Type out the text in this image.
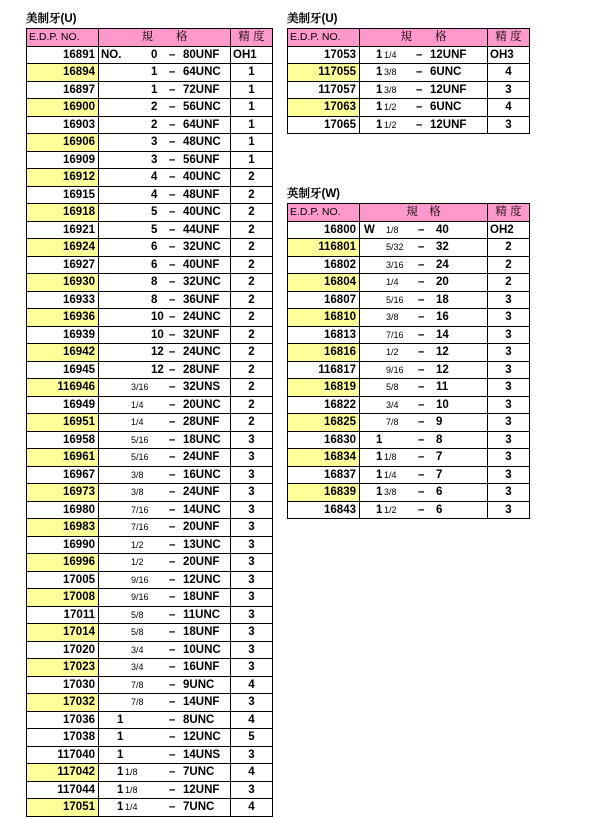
美制牙(U)
E.D.P. NO.	規　　格	精 度
16891	NO. 0 – 80UNF	OH1
16894	1 – 64UNC	1
16897	1 – 72UNF	1
16900	2 – 56UNC	1
16903	2 – 64UNF	1
16906	3 – 48UNC	1
16909	3 – 56UNF	1
16912	4 – 40UNC	2
16915	4 – 48UNF	2
16918	5 – 40UNC	2
16921	5 – 44UNF	2
16924	6 – 32UNC	2
16927	6 – 40UNF	2
16930	8 – 32UNC	2
16933	8 – 36UNF	2
16936	10 – 24UNC	2
16939	10 – 32UNF	2
16942	12 – 24UNC	2
16945	12 – 28UNF	2
116946	3/16 – 32UNS	2
16949	1/4 – 20UNC	2
16951	1/4 – 28UNF	2
16958	5/16 – 18UNC	3
16961	5/16 – 24UNF	3
16967	3/8 – 16UNC	3
16973	3/8 – 24UNF	3
16980	7/16 – 14UNC	3
16983	7/16 – 20UNF	3
16990	1/2 – 13UNC	3
16996	1/2 – 20UNF	3
17005	9/16 – 12UNC	3
17008	9/16 – 18UNF	3
17011	5/8 – 11UNC	3
17014	5/8 – 18UNF	3
17020	3/4 – 10UNC	3
17023	3/4 – 16UNF	3
17030	7/8 – 9UNC	4
17032	7/8 – 14UNF	3
17036	1 – 8UNC	4
17038	1 – 12UNC	5
117040	1 – 14UNS	3
117042	1 1/8 – 7UNC	4
117044	1 1/8 – 12UNF	3
17051	1 1/4 – 7UNC	4
美制牙(U)
E.D.P. NO.	規　　格	精 度
17053	1 1/4 – 12UNF	OH3
117055	1 3/8 – 6UNC	4
117057	1 3/8 – 12UNF	3
17063	1 1/2 – 6UNC	4
17065	1 1/2 – 12UNF	3
英制牙(W)
E.D.P. NO.	規　格	精 度
16800	W 1/8 – 40	OH2
116801	5/32 – 32	2
16802	3/16 – 24	2
16804	1/4 – 20	2
16807	5/16 – 18	3
16810	3/8 – 16	3
16813	7/16 – 14	3
16816	1/2 – 12	3
116817	9/16 – 12	3
16819	5/8 – 11	3
16822	3/4 – 10	3
16825	7/8 – 9	3
16830	1 – 8	3
16834	1 1/8 – 7	3
16837	1 1/4 – 7	3
16839	1 3/8 – 6	3
16843	1 1/2 – 6	3
